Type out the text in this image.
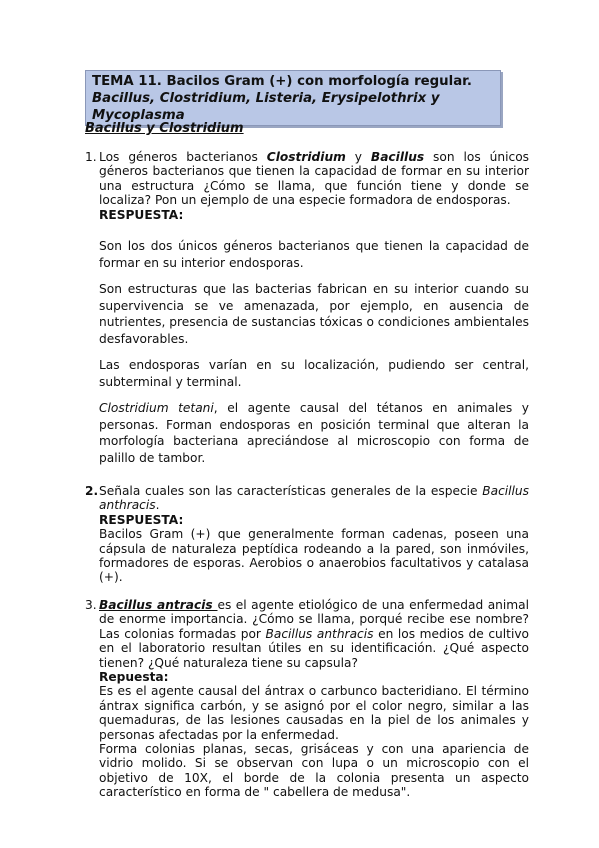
TEMA 11. Bacilos Gram (+) con morfología regular.
Bacillus, Clostridium, Listeria, Erysipelothrix y
Mycoplasma
Bacillus y Clostridium
1. Los géneros bacterianos Clostridium y Bacillus son los únicos géneros bacterianos que tienen la capacidad de formar en su interior una estructura ¿Cómo se llama, que función tiene y donde se localiza? Pon un ejemplo de una especie formadora de endosporas.
RESPUESTA:
Son los dos únicos géneros bacterianos que tienen la capacidad de formar en su interior endosporas.
Son estructuras que las bacterias fabrican en su interior cuando su supervivencia se ve amenazada, por ejemplo, en ausencia de nutrientes, presencia de sustancias tóxicas o condiciones ambientales desfavorables.
Las endosporas varían en su localización, pudiendo ser central, subterminal y terminal.
Clostridium tetani, el agente causal del tétanos en animales y personas. Forman endosporas en posición terminal que alteran la morfología bacteriana apreciándose al microscopio con forma de palillo de tambor.
2. Señala cuales son las características generales de la especie Bacillus anthracis.
RESPUESTA:
Bacilos Gram (+) que generalmente forman cadenas, poseen una cápsula de naturaleza peptídica rodeando a la pared, son inmóviles, formadores de esporas. Aerobios o anaerobios facultativos y catalasa (+).
3. Bacillus antracis es el agente etiológico de una enfermedad animal de enorme importancia. ¿Cómo se llama, porqué recibe ese nombre? Las colonias formadas por Bacillus anthracis en los medios de cultivo en el laboratorio resultan útiles en su identificación. ¿Qué aspecto tienen? ¿Qué naturaleza tiene su capsula?
Repuesta:
Es es el agente causal del ántrax o carbunco bacteridiano. El término ántrax significa carbón, y se asignó por el color negro, similar a las quemaduras, de las lesiones causadas en la piel de los animales y personas afectadas por la enfermedad.
Forma colonias planas, secas, grisáceas y con una apariencia de vidrio molido. Si se observan con lupa o un microscopio con el objetivo de 10X, el borde de la colonia presenta un aspecto característico en forma de " cabellera de medusa".
